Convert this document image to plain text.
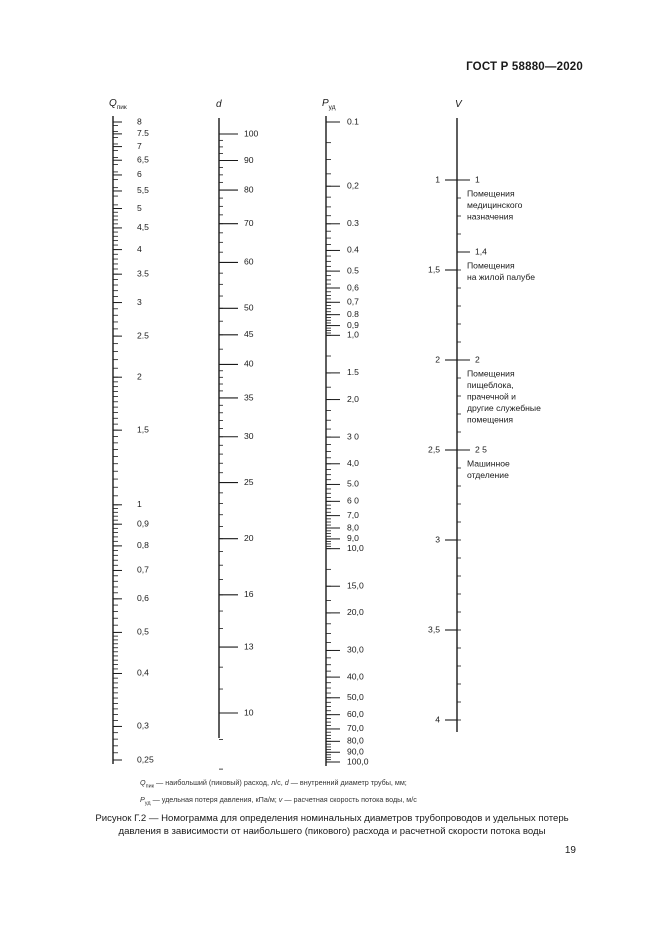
ГОСТ Р 58880—2020
$Q_{пик}$	d	$P_{уд}$	V
8
7.5
7
6,5
6
5,5
5
4,5
4
3.5
3
2.5
2
1,5
1
0,9
0,8
0,7
0,6
0,5
0,4
0,3
0,25
100
90
80
70
60
50
45
40
35
30
25
20
16
13
10
0.1
0,2
0.3
0.4
0.5
0,6
0,7
0.8
0,9
1,0
1.5
2,0
3 0
4,0
5.0
6 0
7,0
8,0
9,0
10,0
15,0
20,0
30,0
40,0
50,0
60,0
70,0
80,0
90,0
100,0
1
1,5
2
2,5
3
3,5
4
1
Помещения
медицинского
назначения
1,4
Помещения
на жилой палубе
2
Помещения
пищеблока,
прачечной и
другие служебные
помещения
2 5
Машинное
отделение
$Q_{пик}$ — наибольший (пиковый) расход, л/с, d — внутренний диаметр трубы, мм;
$P_{уд}$ — удельная потеря давления, кПа/м; v — расчетная скорость потока воды, м/с
Рисунок Г.2 — Номограмма для определения номинальных диаметров трубопроводов и удельных потерь
давления в зависимости от наибольшего (пикового) расхода и расчетной скорости потока воды
19
